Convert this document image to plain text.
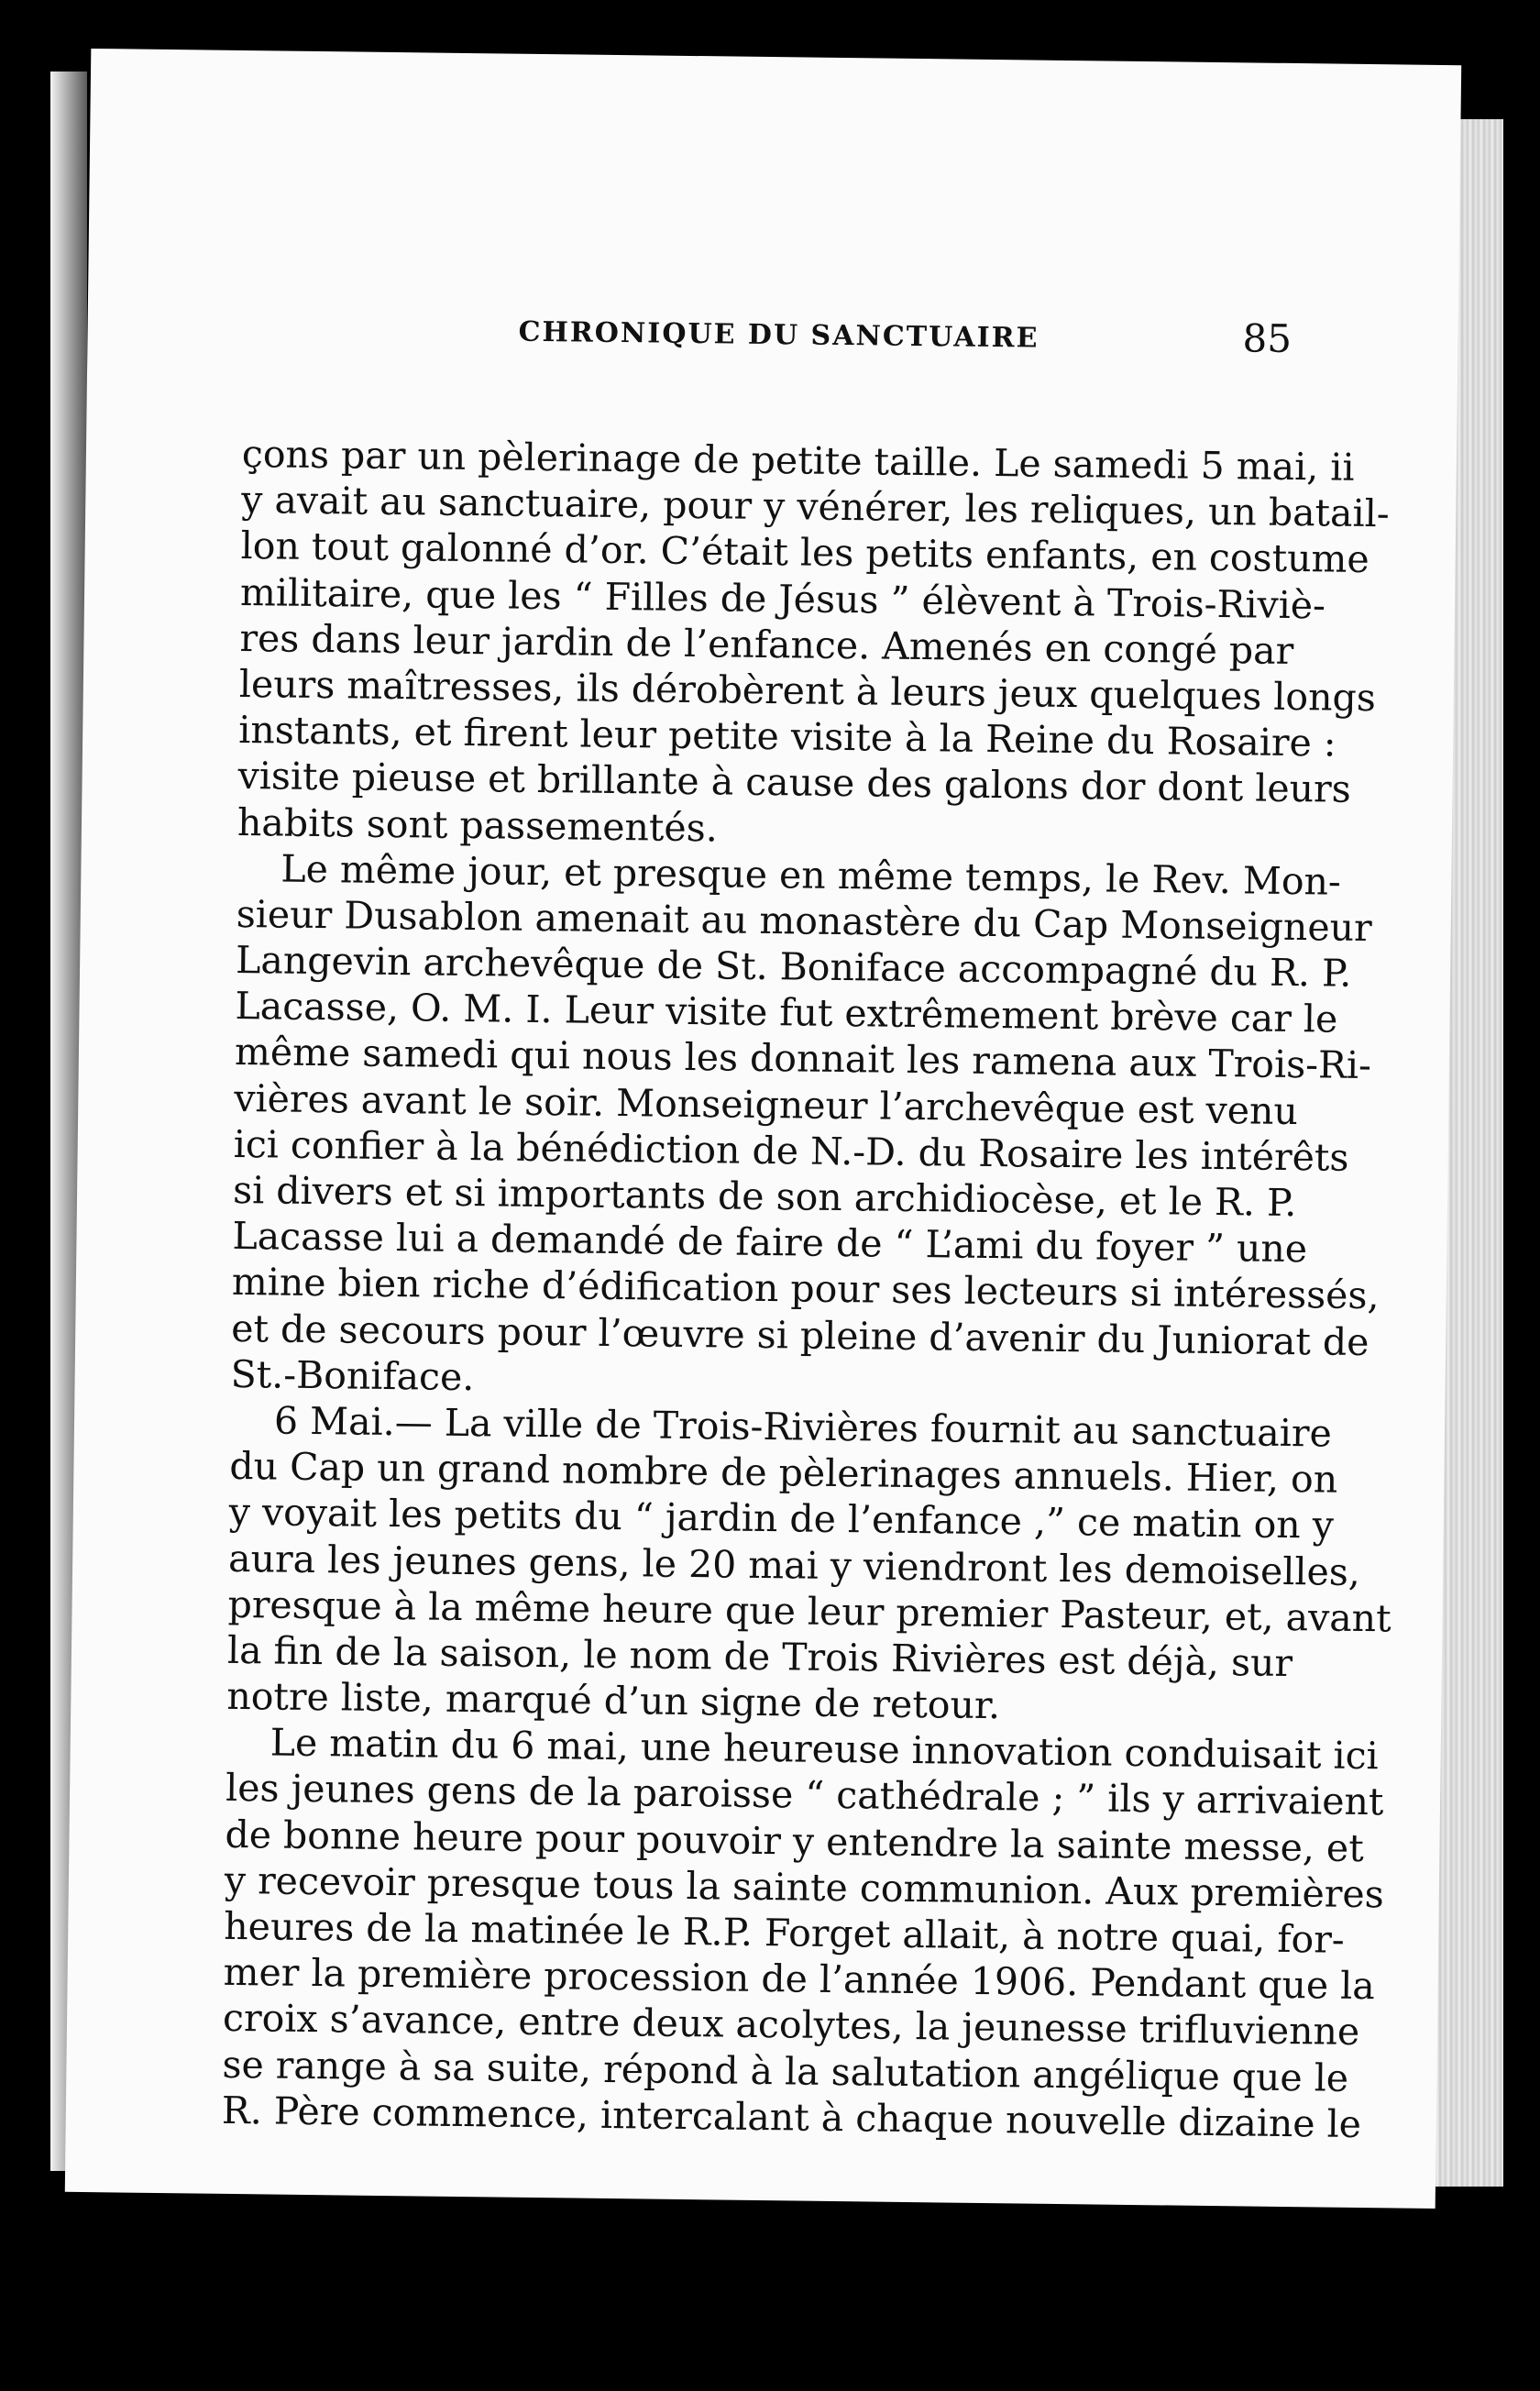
CHRONIQUE DU SANCTUAIRE	85
çons par un pèlerinage de petite taille. Le samedi 5 mai, ii
y avait au sanctuaire, pour y vénérer, les reliques, un batail-
lon tout galonné d’or. C’était les petits enfants, en costume
militaire, que les “ Filles de Jésus ” élèvent à Trois-Riviè-
res dans leur jardin de l’enfance. Amenés en congé par
leurs maîtresses, ils dérobèrent à leurs jeux quelques longs
instants, et firent leur petite visite à la Reine du Rosaire :
visite pieuse et brillante à cause des galons dor dont leurs
habits sont passementés.
Le même jour, et presque en même temps, le Rev. Mon-
sieur Dusablon amenait au monastère du Cap Monseigneur
Langevin archevêque de St. Boniface accompagné du R. P.
Lacasse, O. M. I. Leur visite fut extrêmement brève car le
même samedi qui nous les donnait les ramena aux Trois-Ri-
vières avant le soir. Monseigneur l’archevêque est venu
ici confier à la bénédiction de N.-D. du Rosaire les intérêts
si divers et si importants de son archidiocèse, et le R. P.
Lacasse lui a demandé de faire de “ L’ami du foyer ” une
mine bien riche d’édification pour ses lecteurs si intéressés,
et de secours pour l’œuvre si pleine d’avenir du Juniorat de
St.-Boniface.
6 Mai.— La ville de Trois-Rivières fournit au sanctuaire
du Cap un grand nombre de pèlerinages annuels. Hier, on
y voyait les petits du “ jardin de l’enfance ,” ce matin on y
aura les jeunes gens, le 20 mai y viendront les demoiselles,
presque à la même heure que leur premier Pasteur, et, avant
la fin de la saison, le nom de Trois Rivières est déjà, sur
notre liste, marqué d’un signe de retour.
Le matin du 6 mai, une heureuse innovation conduisait ici
les jeunes gens de la paroisse “ cathédrale ; ” ils y arrivaient
de bonne heure pour pouvoir y entendre la sainte messe, et
y recevoir presque tous la sainte communion. Aux premières
heures de la matinée le R.P. Forget allait, à notre quai, for-
mer la première procession de l’année 1906. Pendant que la
croix s’avance, entre deux acolytes, la jeunesse trifluvienne
se range à sa suite, répond à la salutation angélique que le
R. Père commence, intercalant à chaque nouvelle dizaine le
